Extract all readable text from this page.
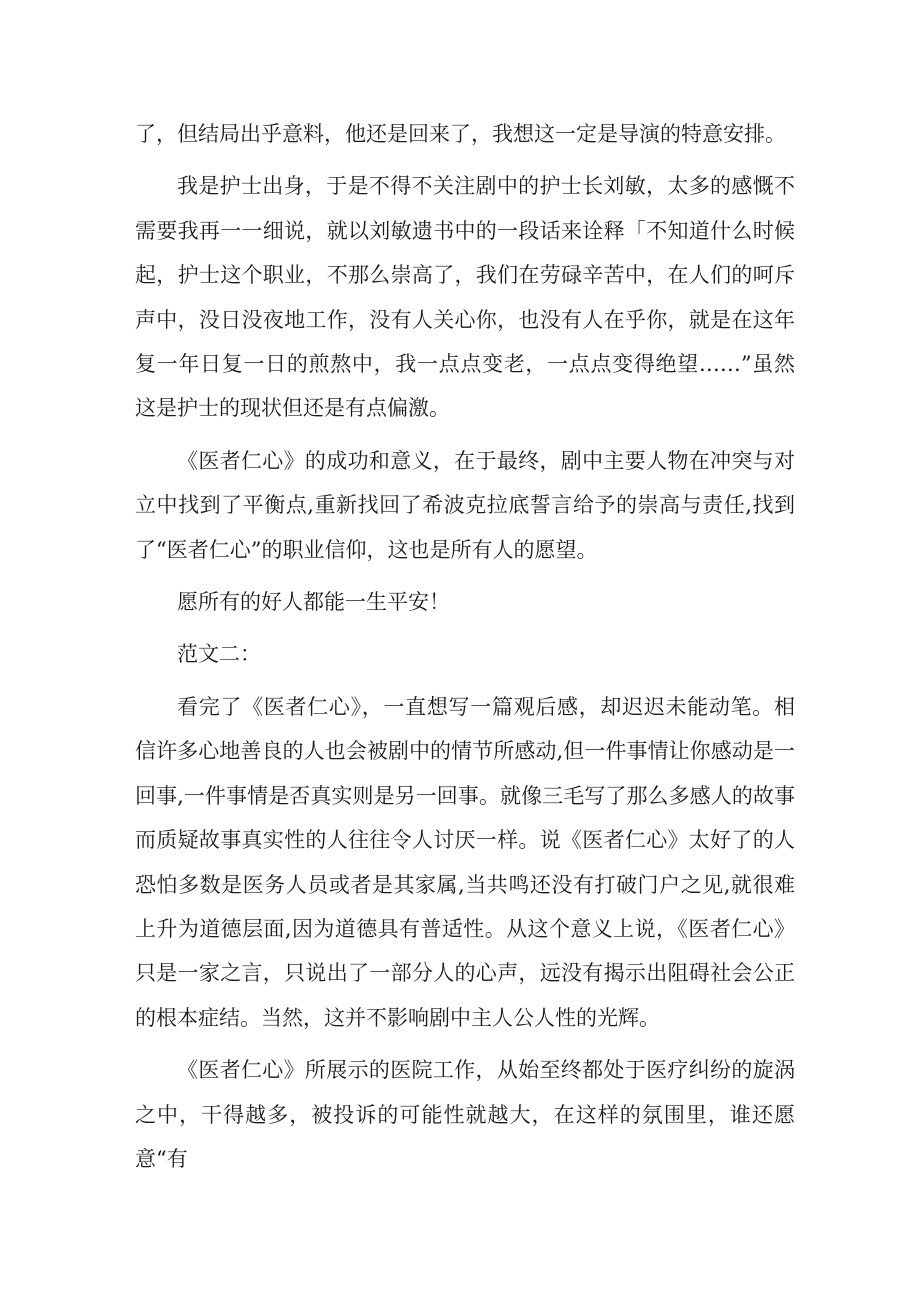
了，但结局出乎意料，他还是回来了，我想这一定是导演的特意安排。

我是护士出身，于是不得不关注剧中的护士长刘敏，太多的感慨不需要我再一一细说，就以刘敏遗书中的一段话来诠释「不知道什么时候起，护士这个职业，不那么崇高了，我们在劳碌辛苦中，在人们的呵斥声中，没日没夜地工作，没有人关心你，也没有人在乎你，就是在这年复一年日复一日的煎熬中，我一点点变老，一点点变得绝望……”虽然这是护士的现状但还是有点偏激。

《医者仁心》的成功和意义，在于最终，剧中主要人物在冲突与对立中找到了平衡点,重新找回了希波克拉底誓言给予的崇高与责任,找到了“医者仁心”的职业信仰，这也是所有人的愿望。

愿所有的好人都能一生平安！

范文二：

看完了《医者仁心》，一直想写一篇观后感，却迟迟未能动笔。相信许多心地善良的人也会被剧中的情节所感动,但一件事情让你感动是一回事,一件事情是否真实则是另一回事。就像三毛写了那么多感人的故事而质疑故事真实性的人往往令人讨厌一样。说《医者仁心》太好了的人恐怕多数是医务人员或者是其家属,当共鸣还没有打破门户之见,就很难上升为道德层面,因为道德具有普适性。从这个意义上说，《医者仁心》只是一家之言，只说出了一部分人的心声，远没有揭示出阻碍社会公正的根本症结。当然，这并不影响剧中主人公人性的光辉。

《医者仁心》所展示的医院工作，从始至终都处于医疗纠纷的旋涡之中，干得越多，被投诉的可能性就越大，在这样的氛围里，谁还愿意“有
